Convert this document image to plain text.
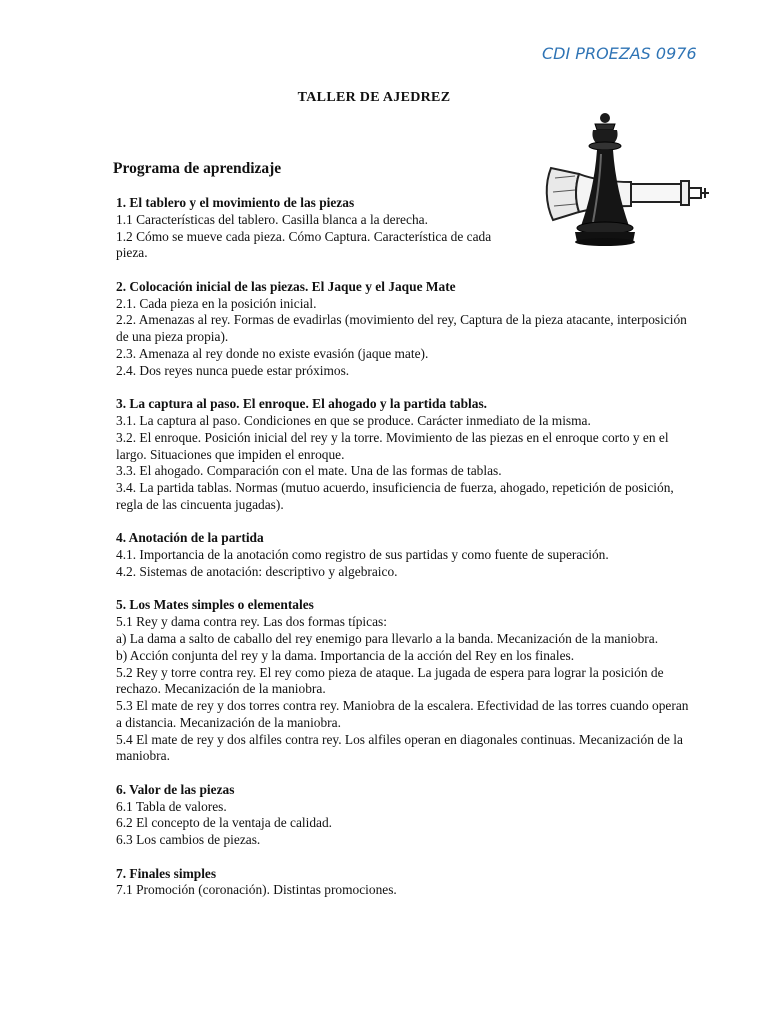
CDI PROEZAS 0976
TALLER DE AJEDREZ
Programa de aprendizaje

1. El tablero y el movimiento de las piezas

1.1 Características del tablero. Casilla blanca a la derecha.

1.2 Cómo se mueve cada pieza. Cómo Captura. Característica de cada pieza.

2. Colocación inicial de las piezas. El Jaque y el Jaque Mate

2.1. Cada pieza en la posición inicial.

2.2. Amenazas al rey. Formas de evadirlas (movimiento del rey, Captura de la pieza atacante, interposición de una pieza propia).

2.3. Amenaza al rey donde no existe evasión (jaque mate).

2.4. Dos reyes nunca puede estar próximos.

3. La captura al paso. El enroque. El ahogado y la partida tablas.

3.1. La captura al paso. Condiciones en que se produce. Carácter inmediato de la misma.

3.2. El enroque. Posición inicial del rey y la torre. Movimiento de las piezas en el enroque corto y en el largo. Situaciones que impiden el enroque.

3.3. El ahogado. Comparación con el mate. Una de las formas de tablas.

3.4. La partida tablas. Normas (mutuo acuerdo, insuficiencia de fuerza, ahogado, repetición de posición, regla de las cincuenta jugadas).

4. Anotación de la partida

4.1. Importancia de la anotación como registro de sus partidas y como fuente de superación.

4.2. Sistemas de anotación: descriptivo y algebraico.

5. Los Mates simples o elementales

5.1 Rey y dama contra rey. Las dos formas típicas:

a) La dama a salto de caballo del rey enemigo para llevarlo a la banda. Mecanización de la maniobra.

b) Acción conjunta del rey y la dama. Importancia de la acción del Rey en los finales.

5.2 Rey y torre contra rey. El rey como pieza de ataque. La jugada de espera para lograr la posición de rechazo. Mecanización de la maniobra.

5.3 El mate de rey y dos torres contra rey. Maniobra de la escalera. Efectividad de las torres cuando operan a distancia. Mecanización de la maniobra.

5.4 El mate de rey y dos alfiles contra rey. Los alfiles operan en diagonales continuas. Mecanización de la maniobra.

6. Valor de las piezas

6.1 Tabla de valores.

6.2 El concepto de la ventaja de calidad.

6.3 Los cambios de piezas.

7. Finales simples

7.1 Promoción (coronación). Distintas promociones.
